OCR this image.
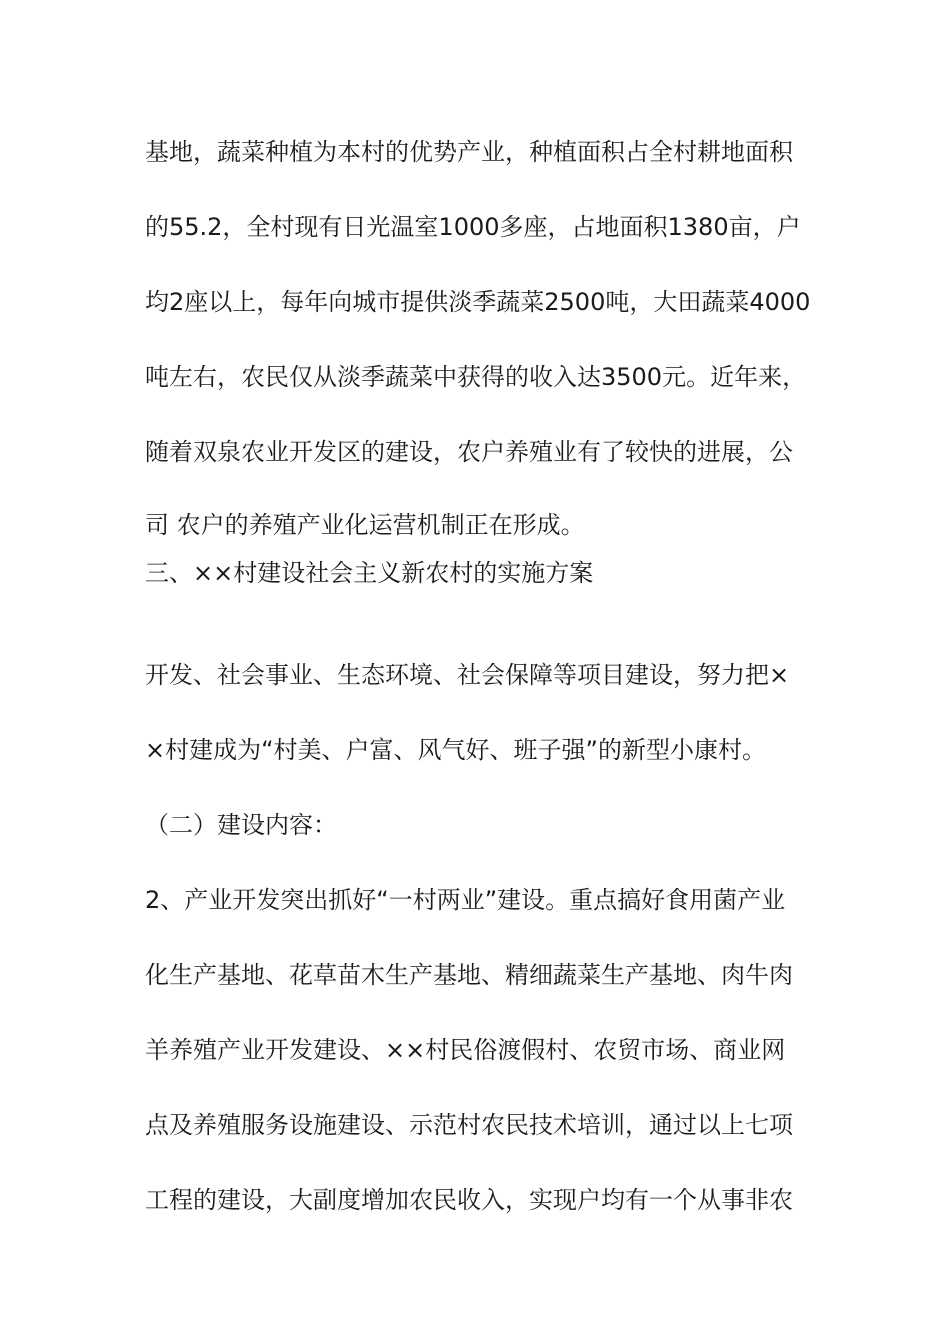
基地，蔬菜种植为本村的优势产业，种植面积占全村耕地面积
的55.2，全村现有日光温室1000多座，占地面积1380亩，户
均2座以上，每年向城市提供淡季蔬菜2500吨，大田蔬菜4000
吨左右，农民仅从淡季蔬菜中获得的收入达3500元。近年来，
随着双泉农业开发区的建设，农户养殖业有了较快的进展，公
司 农户的养殖产业化运营机制正在形成。
三、××村建设社会主义新农村的实施方案
开发、社会事业、生态环境、社会保障等项目建设，努力把×
×村建成为“村美、户富、风气好、班子强”的新型小康村。
（二）建设内容：
2、产业开发突出抓好“一村两业”建设。重点搞好食用菌产业
化生产基地、花草苗木生产基地、精细蔬菜生产基地、肉牛肉
羊养殖产业开发建设、××村民俗渡假村、农贸市场、商业网
点及养殖服务设施建设、示范村农民技术培训，通过以上七项
工程的建设，大副度增加农民收入，实现户均有一个从事非农
